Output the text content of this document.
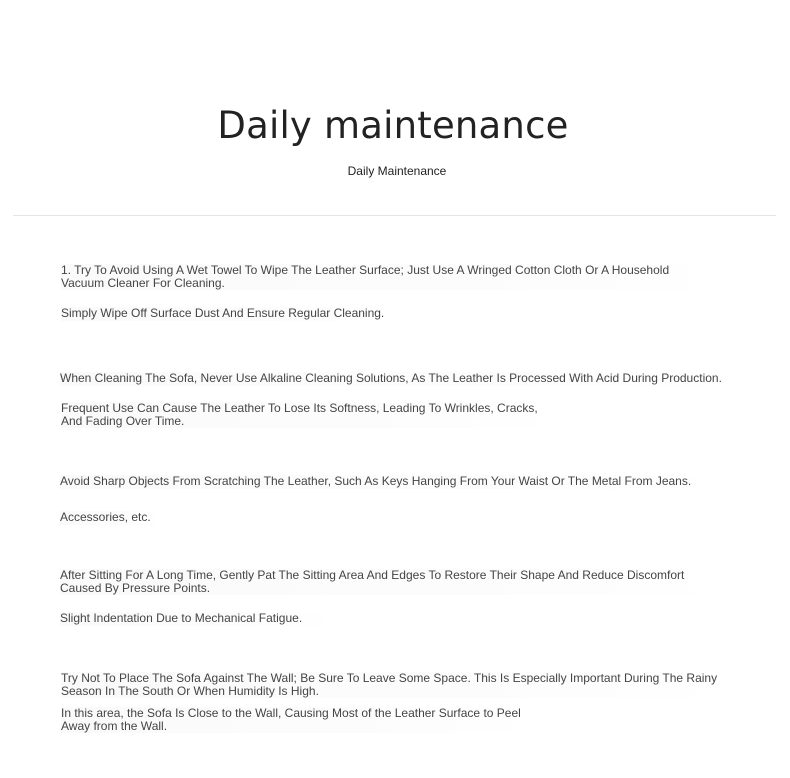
Daily maintenance
Daily Maintenance

1. Try To Avoid Using A Wet Towel To Wipe The Leather Surface; Just Use A Wringed Cotton Cloth Or A Household
Vacuum Cleaner For Cleaning.

Simply Wipe Off Surface Dust And Ensure Regular Cleaning.

When Cleaning The Sofa, Never Use Alkaline Cleaning Solutions, As The Leather Is Processed With Acid During Production.

Frequent Use Can Cause The Leather To Lose Its Softness, Leading To Wrinkles, Cracks,
And Fading Over Time.

Avoid Sharp Objects From Scratching The Leather, Such As Keys Hanging From Your Waist Or The Metal From Jeans.

Accessories, etc.

After Sitting For A Long Time, Gently Pat The Sitting Area And Edges To Restore Their Shape And Reduce Discomfort
Caused By Pressure Points.

Slight Indentation Due to Mechanical Fatigue.

Try Not To Place The Sofa Against The Wall; Be Sure To Leave Some Space. This Is Especially Important During The Rainy
Season In The South Or When Humidity Is High.

In this area, the Sofa Is Close to the Wall, Causing Most of the Leather Surface to Peel
Away from the Wall.
